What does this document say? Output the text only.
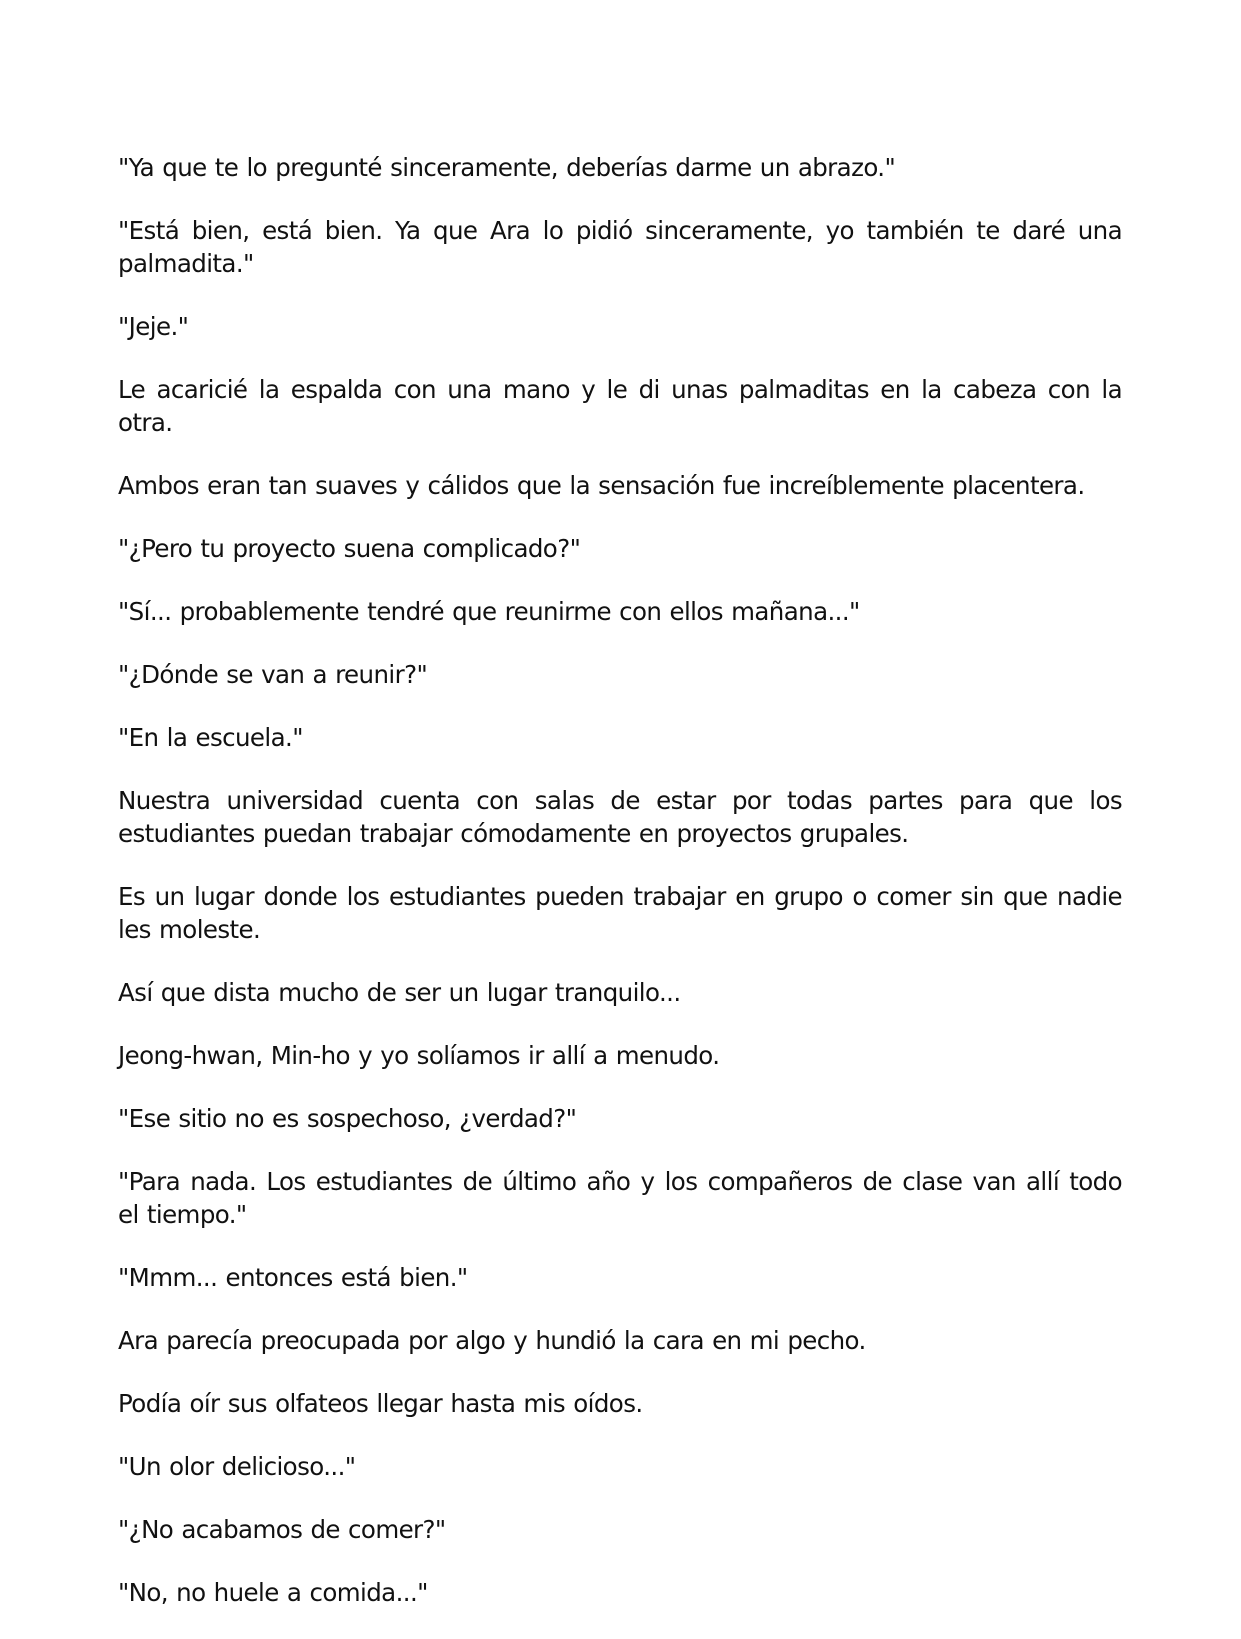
"Ya que te lo pregunté sinceramente, deberías darme un abrazo."

"Está bien, está bien. Ya que Ara lo pidió sinceramente, yo también te daré una palmadita."

"Jeje."

Le acaricié la espalda con una mano y le di unas palmaditas en la cabeza con la otra.

Ambos eran tan suaves y cálidos que la sensación fue increíblemente placentera.

"¿Pero tu proyecto suena complicado?"

"Sí... probablemente tendré que reunirme con ellos mañana..."

"¿Dónde se van a reunir?"

"En la escuela."

Nuestra universidad cuenta con salas de estar por todas partes para que los estudiantes puedan trabajar cómodamente en proyectos grupales.

Es un lugar donde los estudiantes pueden trabajar en grupo o comer sin que nadie les moleste.

Así que dista mucho de ser un lugar tranquilo...

Jeong-hwan, Min-ho y yo solíamos ir allí a menudo.

"Ese sitio no es sospechoso, ¿verdad?"

"Para nada. Los estudiantes de último año y los compañeros de clase van allí todo el tiempo."

"Mmm... entonces está bien."

Ara parecía preocupada por algo y hundió la cara en mi pecho.

Podía oír sus olfateos llegar hasta mis oídos.

"Un olor delicioso..."

"¿No acabamos de comer?"

"No, no huele a comida..."
